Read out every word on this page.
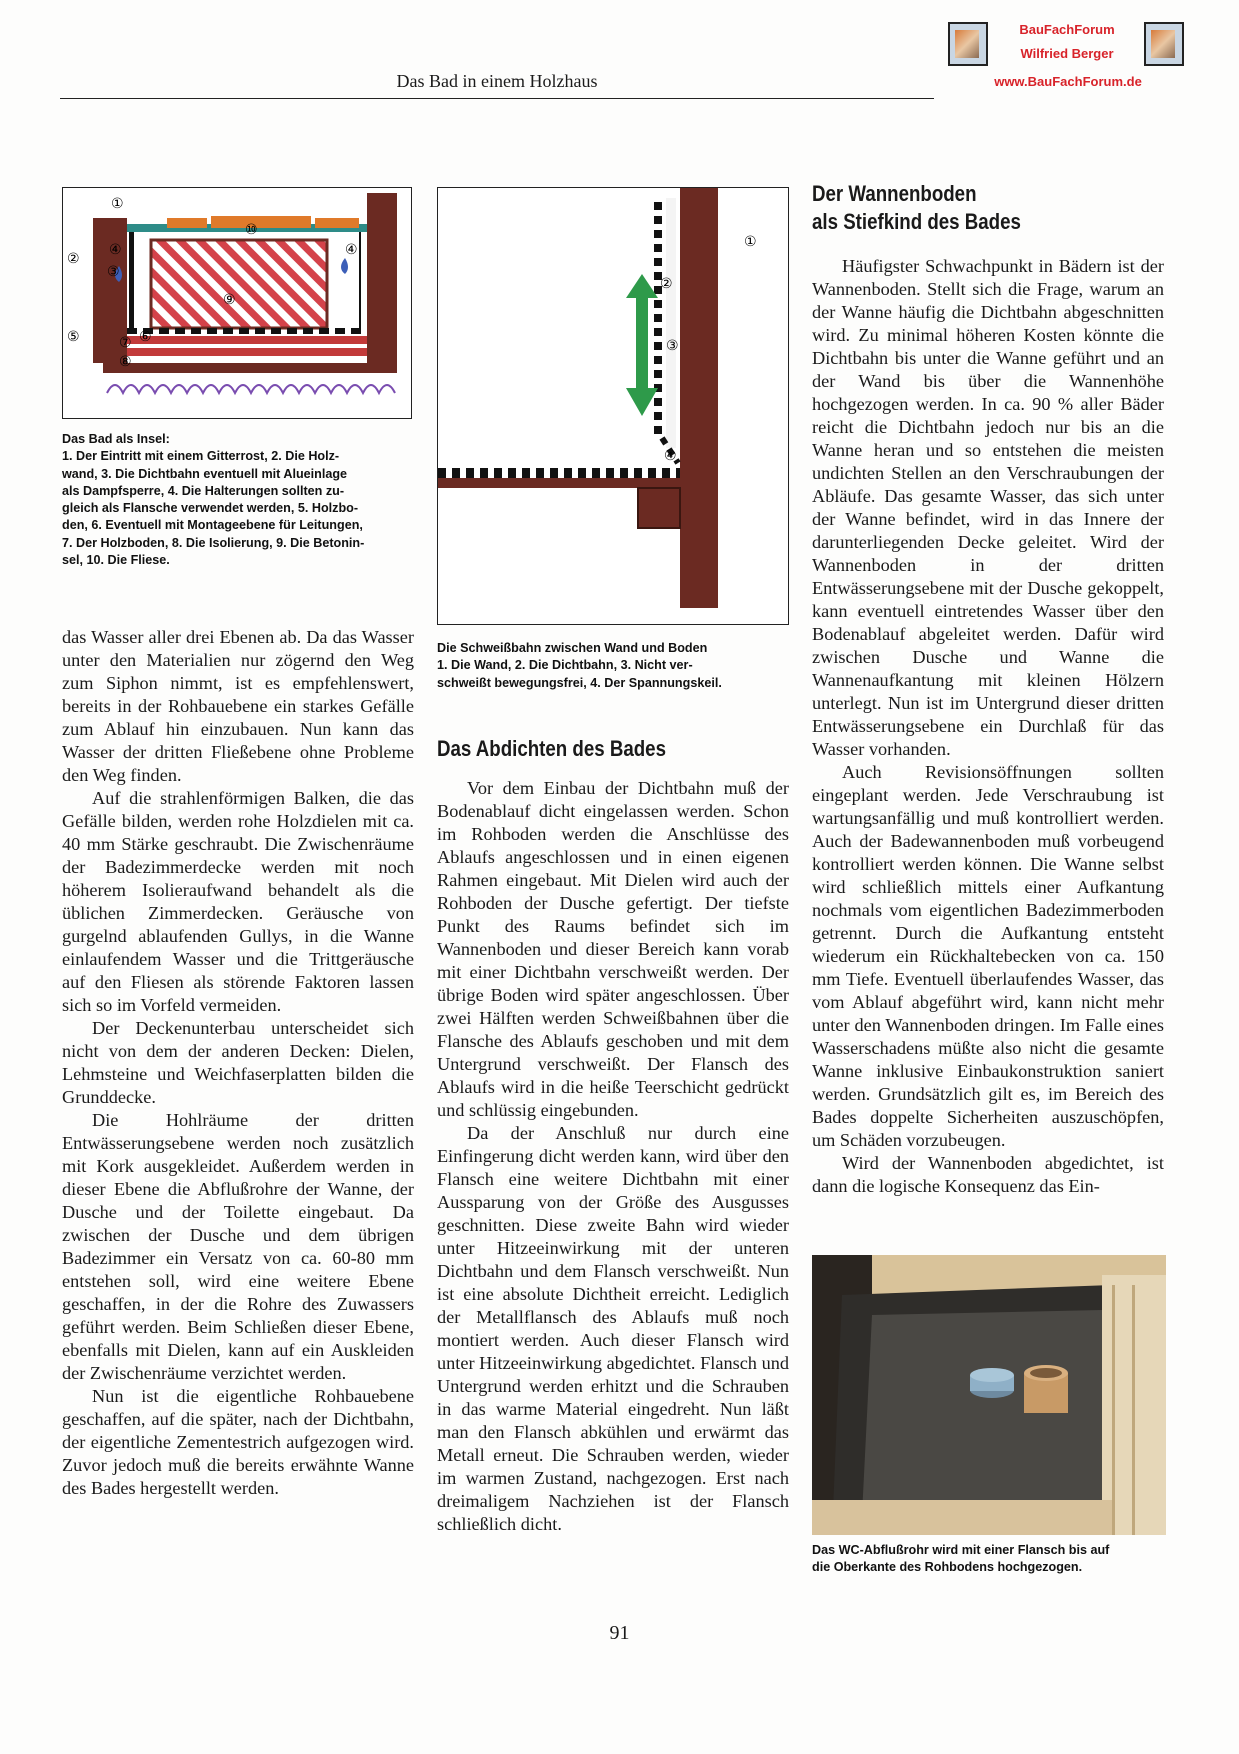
Das Bad in einem Holzhaus
BauFachForum
Wilfried Berger
www.BauFachForum.de
①
②
③
④	④
⑤	⑥
⑦
⑧
⑨
⑩
Das Bad als Insel:
1. Der Eintritt mit einem Gitterrost, 2. Die Holz-
wand, 3. Die Dichtbahn eventuell mit Alueinlage
als Dampfsperre, 4. Die Halterungen sollten zu-
gleich als Flansche verwendet werden, 5. Holzbo-
den, 6. Eventuell mit Montageebene für Leitungen,
7. Der Holzboden, 8. Die Isolierung, 9. Die Betonin-
sel, 10. Die Fliese.
①
②
③
④
Die Schweißbahn zwischen Wand und Boden
1. Die Wand, 2. Die Dichtbahn, 3. Nicht ver-
schweißt bewegungsfrei, 4. Der Spannungskeil.

das Wasser aller drei Ebenen ab. Da das Wasser unter den Materialien nur zögernd den Weg zum Siphon nimmt, ist es empfehlenswert, bereits in der Rohbauebene ein starkes Gefälle zum Ablauf hin einzubauen. Nun kann das Wasser der dritten Fließebene ohne Probleme den Weg finden.

Auf die strahlenförmigen Balken, die das Gefälle bilden, werden rohe Holzdielen mit ca. 40 mm Stärke geschraubt. Die Zwischenräume der Badezimmerdecke werden mit noch höherem Isolieraufwand behandelt als die üblichen Zimmerdecken. Geräusche von gurgelnd ablaufenden Gullys, in die Wanne einlaufendem Wasser und die Trittgeräusche auf den Fliesen als störende Faktoren lassen sich so im Vorfeld vermeiden.

Der Deckenunterbau unterscheidet sich nicht von dem der anderen Decken: Dielen, Lehmsteine und Weichfaserplatten bilden die Grunddecke.

Die Hohlräume der dritten Entwässerungsebene werden noch zusätzlich mit Kork ausgekleidet. Außerdem werden in dieser Ebene die Abflußrohre der Wanne, der Dusche und der Toilette eingebaut. Da zwischen der Dusche und dem übrigen Badezimmer ein Versatz von ca. 60-80 mm entstehen soll, wird eine weitere Ebene geschaffen, in der die Rohre des Zuwassers geführt werden. Beim Schließen dieser Ebene, ebenfalls mit Dielen, kann auf ein Auskleiden der Zwischenräume verzichtet werden.

Nun ist die eigentliche Rohbauebene geschaffen, auf die später, nach der Dichtbahn, der eigentliche Zementestrich aufgezogen wird. Zuvor jedoch muß die bereits erwähnte Wanne des Bades hergestellt werden.

Das Abdichten des Bades

Vor dem Einbau der Dichtbahn muß der Bodenablauf dicht eingelassen werden. Schon im Rohboden werden die Anschlüsse des Ablaufs angeschlossen und in einen eigenen Rahmen eingebaut. Mit Dielen wird auch der Rohboden der Dusche gefertigt. Der tiefste Punkt des Raums befindet sich im Wannenboden und dieser Bereich kann vorab mit einer Dichtbahn verschweißt werden. Der übrige Boden wird später angeschlossen. Über zwei Hälften werden Schweißbahnen über die Flansche des Ablaufs geschoben und mit dem Untergrund verschweißt. Der Flansch des Ablaufs wird in die heiße Teerschicht gedrückt und schlüssig eingebunden.

Da der Anschluß nur durch eine Einfingerung dicht werden kann, wird über den Flansch eine weitere Dichtbahn mit einer Aussparung von der Größe des Ausgusses geschnitten. Diese zweite Bahn wird wieder unter Hitzeeinwirkung mit der unteren Dichtbahn und dem Flansch verschweißt. Nun ist eine absolute Dichtheit erreicht. Lediglich der Metallflansch des Ablaufs muß noch montiert werden. Auch dieser Flansch wird unter Hitzeeinwirkung abgedichtet. Flansch und Untergrund werden erhitzt und die Schrauben in das warme Material eingedreht. Nun läßt man den Flansch abkühlen und erwärmt das Metall erneut. Die Schrauben werden, wieder im warmen Zustand, nachgezogen. Erst nach dreimaligem Nachziehen ist der Flansch schließlich dicht.

Der Wannenboden
als Stiefkind des Bades

Häufigster Schwachpunkt in Bädern ist der Wannenboden. Stellt sich die Frage, warum an der Wanne häufig die Dichtbahn abgeschnitten wird. Zu minimal höheren Kosten könnte die Dichtbahn bis unter die Wanne geführt und an der Wand bis über die Wannenhöhe hochgezogen werden. In ca. 90 % aller Bäder reicht die Dichtbahn jedoch nur bis an die Wanne heran und so entstehen die meisten undichten Stellen an den Verschraubungen der Abläufe. Das gesamte Wasser, das sich unter der Wanne befindet, wird in das Innere der darunterliegenden Decke geleitet. Wird der Wannenboden in der dritten Entwässerungsebene mit der Dusche gekoppelt, kann eventuell eintretendes Wasser über den Bodenablauf abgeleitet werden. Dafür wird zwischen Dusche und Wanne die Wannenaufkantung mit kleinen Hölzern unterlegt. Nun ist im Untergrund dieser dritten Entwässerungsebene ein Durchlaß für das Wasser vorhanden.

Auch Revisionsöffnungen sollten eingeplant werden. Jede Verschraubung ist wartungsanfällig und muß kontrolliert werden. Auch der Badewannenboden muß vorbeugend kontrolliert werden können. Die Wanne selbst wird schließlich mittels einer Aufkantung nochmals vom eigentlichen Badezimmerboden getrennt. Durch die Aufkantung entsteht wiederum ein Rückhaltebecken von ca. 150 mm Tiefe. Eventuell überlaufendes Wasser, das vom Ablauf abgeführt wird, kann nicht mehr unter den Wannenboden dringen. Im Falle eines Wasserschadens müßte also nicht die gesamte Wanne inklusive Einbaukonstruktion saniert werden. Grundsätzlich gilt es, im Bereich des Bades doppelte Sicherheiten auszuschöpfen, um Schäden vorzubeugen.

Wird der Wannenboden abgedichtet, ist dann die logische Konsequenz das Ein-

Das WC-Abflußrohr wird mit einer Flansch bis auf
die Oberkante des Rohbodens hochgezogen.
91
